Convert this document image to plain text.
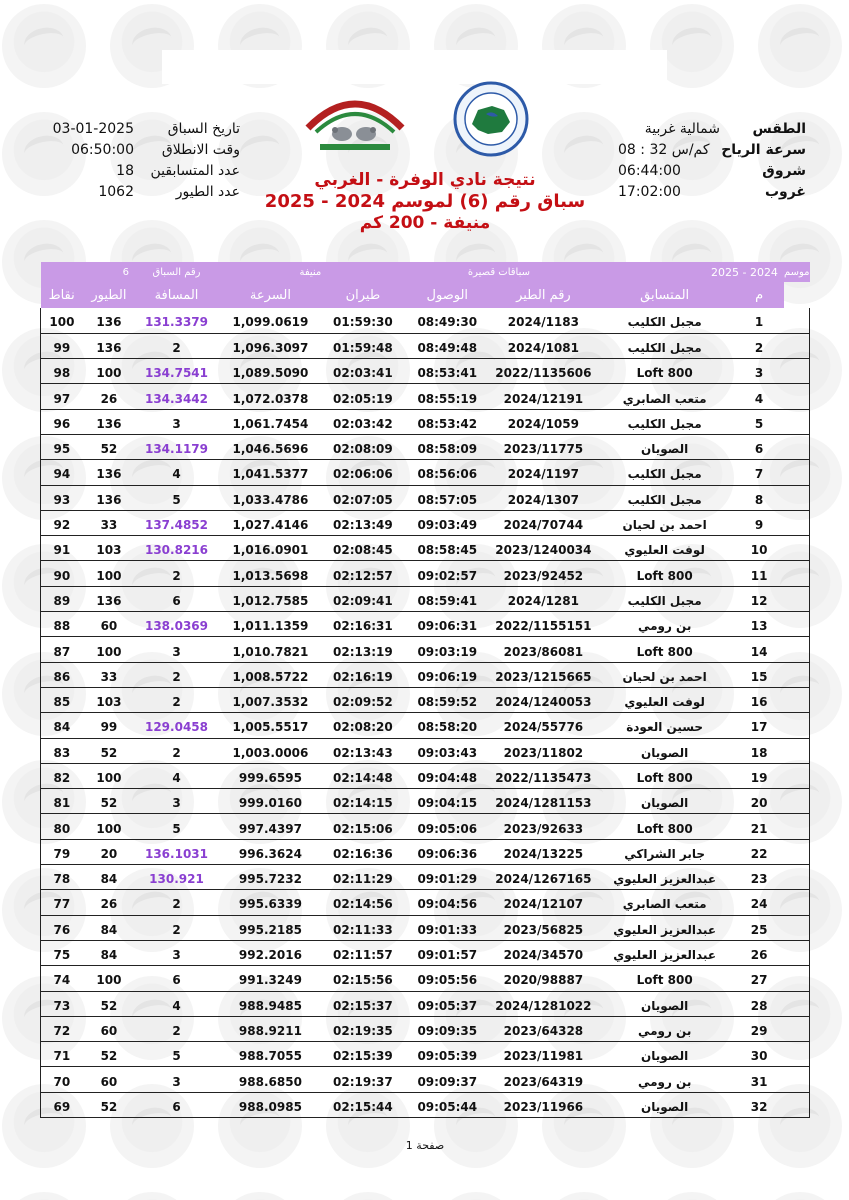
03-01-2025	تاريخ السباق
06:50:00	وقت الانطلاق
18	عدد المتسابقين
1062	عدد الطيور
شمالية غربية	الطقس
كم/س 32 : 08 سرعة الرياح
06:44:00	شروق
17:02:00	غروب
نتيجة نادي الوفرة - الغربي
سباق رقم (6) لموسم 2024 - 2025
منيفة - 200 كم
6		رقم السباق	منيفة		سباقات قصيرة		2025 - 2024		موسم
نقاط	الطيور	المسافة	السرعة	طيران	الوصول	رقم الطير	المتسابق	م	
100	136	131.3379	1,099.0619	01:59:30	08:49:30	2024/1183	مجبل الكليب	1	
99	136	2	1,096.3097	01:59:48	08:49:48	2024/1081	مجبل الكليب	2	
98	100	134.7541	1,089.5090	02:03:41	08:53:41	2022/1135606	Loft 800	3	
97	26	134.3442	1,072.0378	02:05:19	08:55:19	2024/12191	متعب الصابري	4	
96	136	3	1,061.7454	02:03:42	08:53:42	2024/1059	مجبل الكليب	5	
95	52	134.1179	1,046.5696	02:08:09	08:58:09	2023/11775	الصويان	6	
94	136	4	1,041.5377	02:06:06	08:56:06	2024/1197	مجبل الكليب	7	
93	136	5	1,033.4786	02:07:05	08:57:05	2024/1307	مجبل الكليب	8	
92	33	137.4852	1,027.4146	02:13:49	09:03:49	2024/70744	احمد بن لحيان	9	
91	103	130.8216	1,016.0901	02:08:45	08:58:45	2023/1240034	لوفت العليوي	10	
90	100	2	1,013.5698	02:12:57	09:02:57	2023/92452	Loft 800	11	
89	136	6	1,012.7585	02:09:41	08:59:41	2024/1281	مجبل الكليب	12	
88	60	138.0369	1,011.1359	02:16:31	09:06:31	2022/1155151	بن رومي	13	
87	100	3	1,010.7821	02:13:19	09:03:19	2023/86081	Loft 800	14	
86	33	2	1,008.5722	02:16:19	09:06:19	2023/1215665	احمد بن لحيان	15	
85	103	2	1,007.3532	02:09:52	08:59:52	2024/1240053	لوفت العليوي	16	
84	99	129.0458	1,005.5517	02:08:20	08:58:20	2024/55776	حسين العودة	17	
83	52	2	1,003.0006	02:13:43	09:03:43	2023/11802	الصويان	18	
82	100	4	999.6595	02:14:48	09:04:48	2022/1135473	Loft 800	19	
81	52	3	999.0160	02:14:15	09:04:15	2024/1281153	الصويان	20	
80	100	5	997.4397	02:15:06	09:05:06	2023/92633	Loft 800	21	
79	20	136.1031	996.3624	02:16:36	09:06:36	2024/13225	جابر الشراكي	22	
78	84	130.921	995.7232	02:11:29	09:01:29	2024/1267165	عبدالعزيز العليوي	23	
77	26	2	995.6339	02:14:56	09:04:56	2024/12107	متعب الصابري	24	
76	84	2	995.2185	02:11:33	09:01:33	2023/56825	عبدالعزيز العليوي	25	
75	84	3	992.2016	02:11:57	09:01:57	2024/34570	عبدالعزيز العليوي	26	
74	100	6	991.3249	02:15:56	09:05:56	2020/98887	Loft 800	27	
73	52	4	988.9485	02:15:37	09:05:37	2024/1281022	الصويان	28	
72	60	2	988.9211	02:19:35	09:09:35	2023/64328	بن رومي	29	
71	52	5	988.7055	02:15:39	09:05:39	2023/11981	الصويان	30	
70	60	3	988.6850	02:19:37	09:09:37	2023/64319	بن رومي	31	
69	52	6	988.0985	02:15:44	09:05:44	2023/11966	الصويان	32	
صفحة 1
